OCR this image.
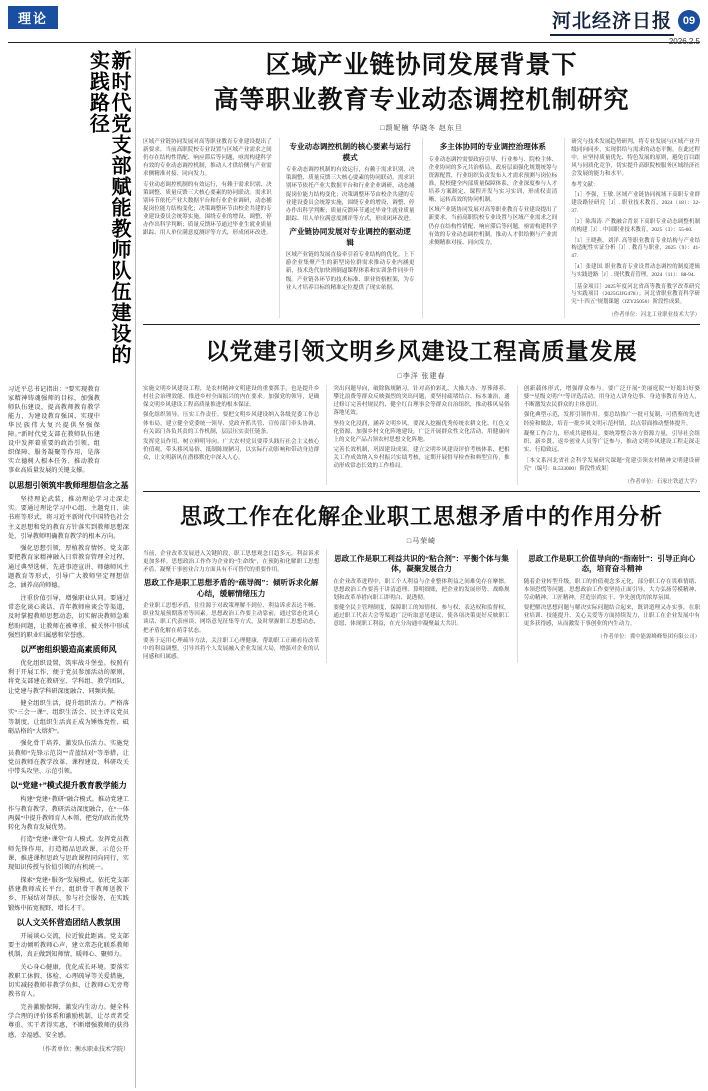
理论	河北经济日报 09
2026.2.5
新时代党支部赋能教师队伍建设的实践路径
习近平总书记指出：“要实现教育家精神铸魂强师的目标，加强教师队伍建设，提高教师教育教学能力，为建设教育强国、实现中华民族伟大复兴提供坚强保障。”新时代党支部在教师队伍建设中发挥着重要的政治引领、组织保障、服务凝聚等作用，是落实立德树人根本任务、推动教育事业高质量发展的关键支撑。
以思想引领筑牢教师理想信念之基

坚持理论武装，推动理论学习走深走实。要通过理论学习中心组、主题党日、读书班等形式，将习近平新时代中国特色社会主义思想和党的教育方针落实到教师思想深处，引导教师明确教育教学的根本方向。

强化思想引领，厚植教育情怀。党支部要把教育家精神融入日常教育管理全过程，通过典型选树、先进事迹宣讲、师德师风主题教育等形式，引导广大教师坚定理想信念、涵养高尚师德。

注重价值引导，增强职业认同。要通过常态化谈心谈话、青年教师座谈会等渠道，及时掌握教师思想动态，切实解决教师急难愁盼问题，让教师在被尊重、被关怀中形成强烈的职业归属感和荣誉感。

以严密组织锻造高素质师风

优化组织设置，筑牢战斗堡垒。按照有利于开展工作、便于党员参加活动的原则，将党支部建在教研室、学科组、教学团队，让党建与教学科研深度融合、同频共振。

健全组织生活，提升组织活力。严格落实“三会一课”、组织生活会、民主评议党员等制度，让组织生活真正成为锤炼党性、砥砺品格的“大熔炉”。

强化骨干培养，激发队伍活力。实施党员教师“先锋示范岗”“青蓝结对”等举措，让党员教师在教学改革、课程建设、科研攻关中带头攻坚、示范引领。

以“党建+”模式提升教育教学能力

构建“党建+教研”融合模式。推动党建工作与教育教学、教研活动深度融合，在“一体两翼”中提升教师育人本领，把党的政治优势转化为教育发展优势。

打造“党建+课堂”育人模式。发挥党员教师先锋作用，打造精品思政课、示范公开课，推进课程思政与思政课程同向同行，实现知识传授与价值引领的有机统一。

探索“党建+服务”发展模式。依托党支部搭建教师成长平台，组织骨干教师送教下乡、开展结对帮扶、参与社会服务，在实践锻炼中拓宽视野、增长才干。

以人文关怀营造团结人教氛围

开展谈心交流，拉近彼此距离。党支部要主动倾听教师心声，建立常态化联系教师机制，真正做到知师情、暖师心、聚师力。

关心身心健康，优化成长环境。要落实教职工休假、体检、心理疏导等关爱措施，切实减轻教师非教学负担，让教师心无旁骛教书育人。

完善激励保障，激发内生动力。健全科学合理的评价体系和激励机制，让尽责者受尊重、实干者得实惠，不断增强教师的获得感、幸福感、安全感。

（作者单位：衡水职业技术学院）
区域产业链协同发展背景下
高等职业教育专业动态调控机制研究
□颉妮楠 华晓冬 赵东旦

区域产业链协同发展对高等职业教育专业建设提出了新要求。当前高职院校专业设置与区域产业需求之间仍存在结构性错配、响应滞后等问题，亟需构建科学有效的专业动态调控机制，推动人才供给侧与产业需求侧精准对接、同向发力。

专业动态调控机制的有效运行，有赖于需求识别、决策调整、质量反馈三大核心要素的协同联动。需求识别环节依托产业大数据平台和行业企业调研，动态捕捉岗位能力结构变化；决策调整环节由校企共建的专业建设委员会统筹实施，围绕专业的增设、调整、停办作出科学判断；质量反馈环节通过毕业生就业质量跟踪、用人单位满意度测评等方式，形成闭环改进。

专业动态调控机制的核心要素与运行模式

专业动态调控机制的有效运行，有赖于需求识别、决策调整、质量反馈三大核心要素的协同联动。需求识别环节依托产业大数据平台和行业企业调研，动态捕捉岗位能力结构变化；决策调整环节由校企共建的专业建设委员会统筹实施，围绕专业的增设、调整、停办作出科学判断；质量反馈环节通过毕业生就业质量跟踪、用人单位满意度测评等方式，形成闭环改进。

产业链协同发展对专业调控的驱动逻辑

区域产业链的发展直接牵引着专业结构的优化。上下游企业集聚产生的新型岗位群需求推动专业内涵更新，技术迭代加快则倒逼课程体系和实训条件同步升级。产业链各环节的技术标准、职业资格框架，为专业人才培养目标的精准定位提供了现实依据。

多主体协同的专业调控治理体系

专业动态调控需要政府引导、行业参与、院校主体、企业协同的多元共治格局。政府层面强化规划统筹与资源配置，行业组织负责发布人才需求预测与岗位标准，院校健全内部质量保障体系，企业深度参与人才培养方案制定、课程开发与实习实训，形成权责清晰、运转高效的协同机制。

区域产业链协同发展对高等职业教育专业建设提出了新要求。当前高职院校专业设置与区域产业需求之间仍存在结构性错配、响应滞后等问题，亟需构建科学有效的专业动态调控机制，推动人才供给侧与产业需求侧精准对接、同向发力。

研究与技术发展趋势研判，将专业发展与区域产业升级同向同步，实现供给与需求的动态平衡。在此过程中，应坚持质量优先、特色发展的原则，避免盲目跟风与同质化竞争，切实提升高职院校服务区域经济社会发展的能力和水平。

参考文献：
［1］李强，王敏. 区域产业链协同视域下高职专业群建设路径研究［J］. 职业技术教育，2024（18）：32-37.
［2］陈海涛. 产教融合背景下高职专业动态调整机制的构建［J］. 中国职业技术教育，2025（3）：55-60.
［3］王晓燕，刘洋. 高等职业教育专业结构与产业结构适配性实证分析［J］. 教育与职业，2025（9）：41-47.
［4］张建国. 职业教育专业设置动态调控的制度逻辑与实践进路［J］. 现代教育管理，2024（11）：88-94.
［基金项目］2025年度河北省高等教育教学改革研究与实践项目（2025GJJG478）；河北省职业教育科学研究“十四五”规划课题（JZY25056）阶段性成果。
（作者单位：河北工业职业技术大学）
以党建引领文明乡风建设工程高质量发展
□李洋 张建春

实施文明乡风建设工程，是农村精神文明建设的重要抓手，也是提升乡村社会治理效能、推进乡村全面振兴的内在要求。加强党的领导，是确保文明乡风建设工程高质量推进的根本保证。

强化组织领导，压实工作责任。要把文明乡风建设纳入各级党委工作总体布局，建立健全党委统一领导、党政齐抓共管、宣传部门牵头协调、有关部门各负其责的工作机制，层层压实责任链条。

发挥党员作用，树立鲜明导向。广大农村党员要带头践行社会主义核心价值观，带头移风易俗、抵制陈规陋习，以实际行动影响和带动身边群众，让文明新风在潜移默化中深入人心。

突出问题导向，破除陈规陋习。针对高价彩礼、大操大办、厚葬薄养、攀比浪费等群众反映强烈的突出问题，要坚持疏堵结合、标本兼治，通过修订完善村规民约、健全红白理事会等群众自治组织，推动移风易俗落地见效。

坚持文化浸润，涵养文明乡风。要深入挖掘优秀传统农耕文化、红色文化资源，加强乡村文化阵地建设，广泛开展群众性文化活动，用健康向上的文化产品占领农村思想文化阵地。

完善长效机制，巩固建设成果。建立文明乡风建设评价考核体系，把相关工作成效纳入乡村振兴实绩考核，定期开展督导检查和典型宣传，推动形成常态长效的工作格局。

创新载体形式，增强群众参与。要广泛开展“美丽庭院”“好媳妇好婆婆”“星级文明户”等评选活动，用身边人讲身边事、身边事教育身边人，不断激发农民群众的主体意识。

强化典型示范，发挥引领作用。要总结推广一批可复制、可借鉴的先进经验和做法，培育一批乡风文明示范村镇，以点带面推动整体提升。

凝聚工作合力，形成共建格局。要统筹整合各方资源力量，引导社会组织、新乡贤、返乡创业人员等广泛参与，推动文明乡风建设工程走深走实、行稳致远。

［本文系河北省社会科学发展研究课题“党建引领农村精神文明建设研究”（编号：B.533000）阶段性成果］
（作者单位：石家庄铁道大学）
思政工作在化解企业职工思想矛盾中的作用分析
□马荣崎

当前，企业改革发展进入关键阶段，职工思想观念日趋多元，利益诉求更加多样。思想政治工作作为企业的“生命线”，在预防和化解职工思想矛盾、凝聚干事创业合力方面具有不可替代的重要作用。

思政工作是职工思想矛盾的“疏导阀”：倾听诉求化解心结，缓解情绪压力

企业职工思想矛盾，往往源于对政策理解不到位、利益诉求表达不畅、职业发展预期落差等因素。思想政治工作要主动靠前，通过常态化谈心谈话、职工代表座谈、网络意见征集等方式，及时掌握职工思想动态，把矛盾化解在萌芽状态。

要善于运用心理疏导方法，关注职工心理健康，帮助职工正确看待改革中的利益调整，引导其将个人发展融入企业发展大局，增强对企业的认同感和归属感。

思政工作是职工利益共识的“粘合剂”：平衡个体与集体，凝聚发展合力

在企业改革进程中，职工个人利益与企业整体利益之间难免存在摩擦。思想政治工作要善于讲清道理、算明细账，把企业的发展形势、战略规划和改革举措向职工讲明白、说透彻。

要健全民主管理制度，保障职工的知情权、参与权、表达权和监督权，通过职工代表大会等渠道广泛听取意见建议，使各项决策更好反映职工意愿、体现职工利益，在充分沟通中凝聚最大共识。

思政工作是职工价值导向的“指南针”：引导正向心态，培育奋斗精神

随着企业转型升级，职工的价值观念多元化，部分职工存在畏难情绪、本领恐慌等问题。思想政治工作要坚持正面引导，大力弘扬劳模精神、劳动精神、工匠精神，营造崇尚实干、争先创优的浓厚氛围。

要把解决思想问题与解决实际问题结合起来，既讲道理又办实事，在职业培训、技能提升、关心关爱等方面持续发力，让职工在企业发展中有更多获得感，从而激发干事创业的内生动力。

（作者单位：冀中能源峰峰集团有限公司）
